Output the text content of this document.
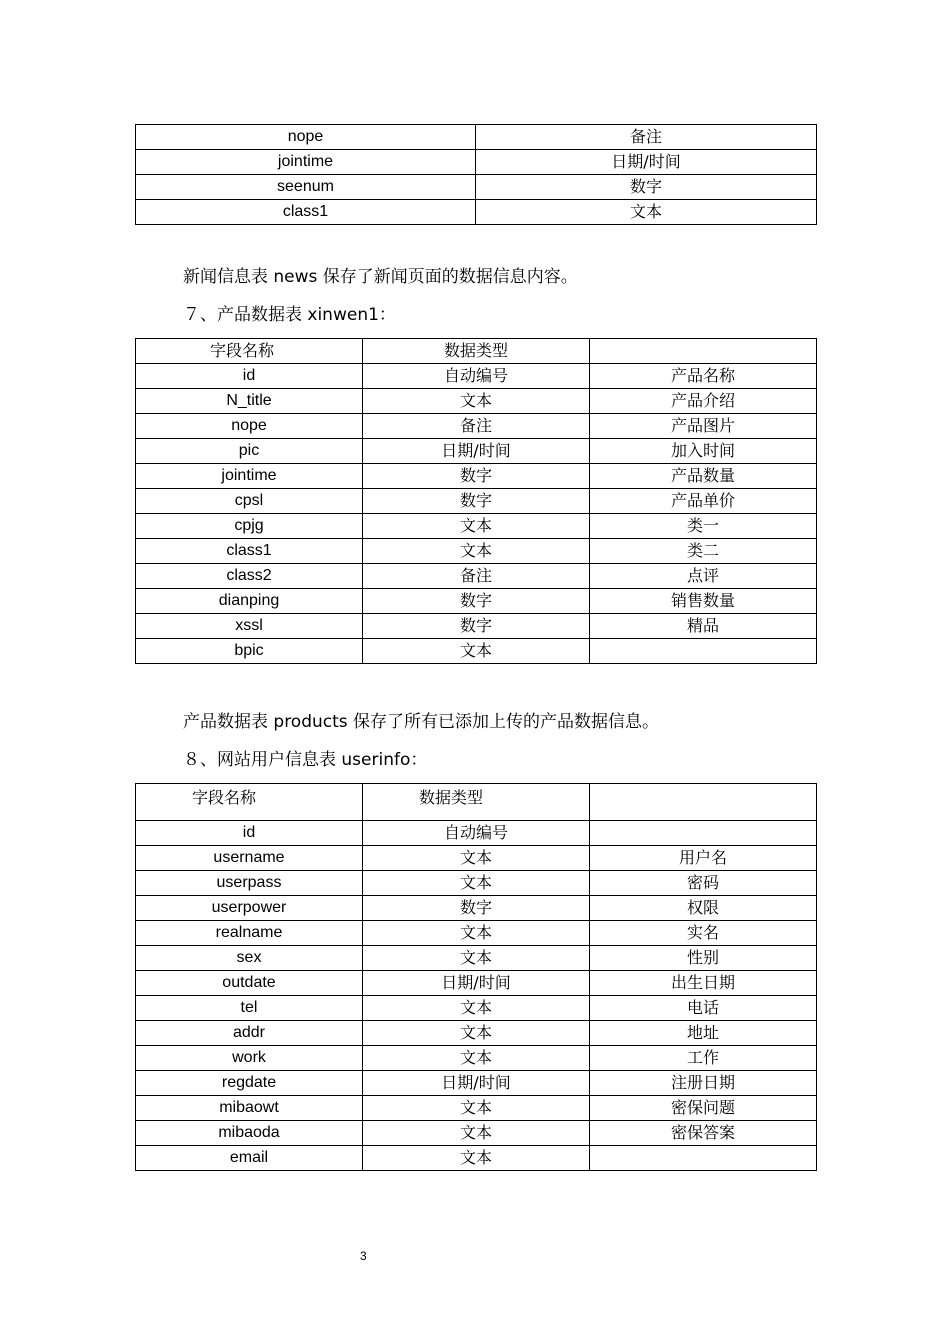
nope	备注
jointime	日期/时间
seenum	数字
class1	文本
新闻信息表 news 保存了新闻页面的数据信息内容。
７、产品数据表 xinwen1：
字段名称	数据类型	
id	自动编号	产品名称
N_title	文本	产品介绍
nope	备注	产品图片
pic	日期/时间	加入时间
jointime	数字	产品数量
cpsl	数字	产品单价
cpjg	文本	类一
class1	文本	类二
class2	备注	点评
dianping	数字	销售数量
xssl	数字	精品
bpic	文本	
产品数据表 products 保存了所有已添加上传的产品数据信息。
８、网站用户信息表 userinfo：
字段名称	数据类型	
id	自动编号	
username	文本	用户名
userpass	文本	密码
userpower	数字	权限
realname	文本	实名
sex	文本	性别
outdate	日期/时间	出生日期
tel	文本	电话
addr	文本	地址
work	文本	工作
regdate	日期/时间	注册日期
mibaowt	文本	密保问题
mibaoda	文本	密保答案
email	文本	
3
